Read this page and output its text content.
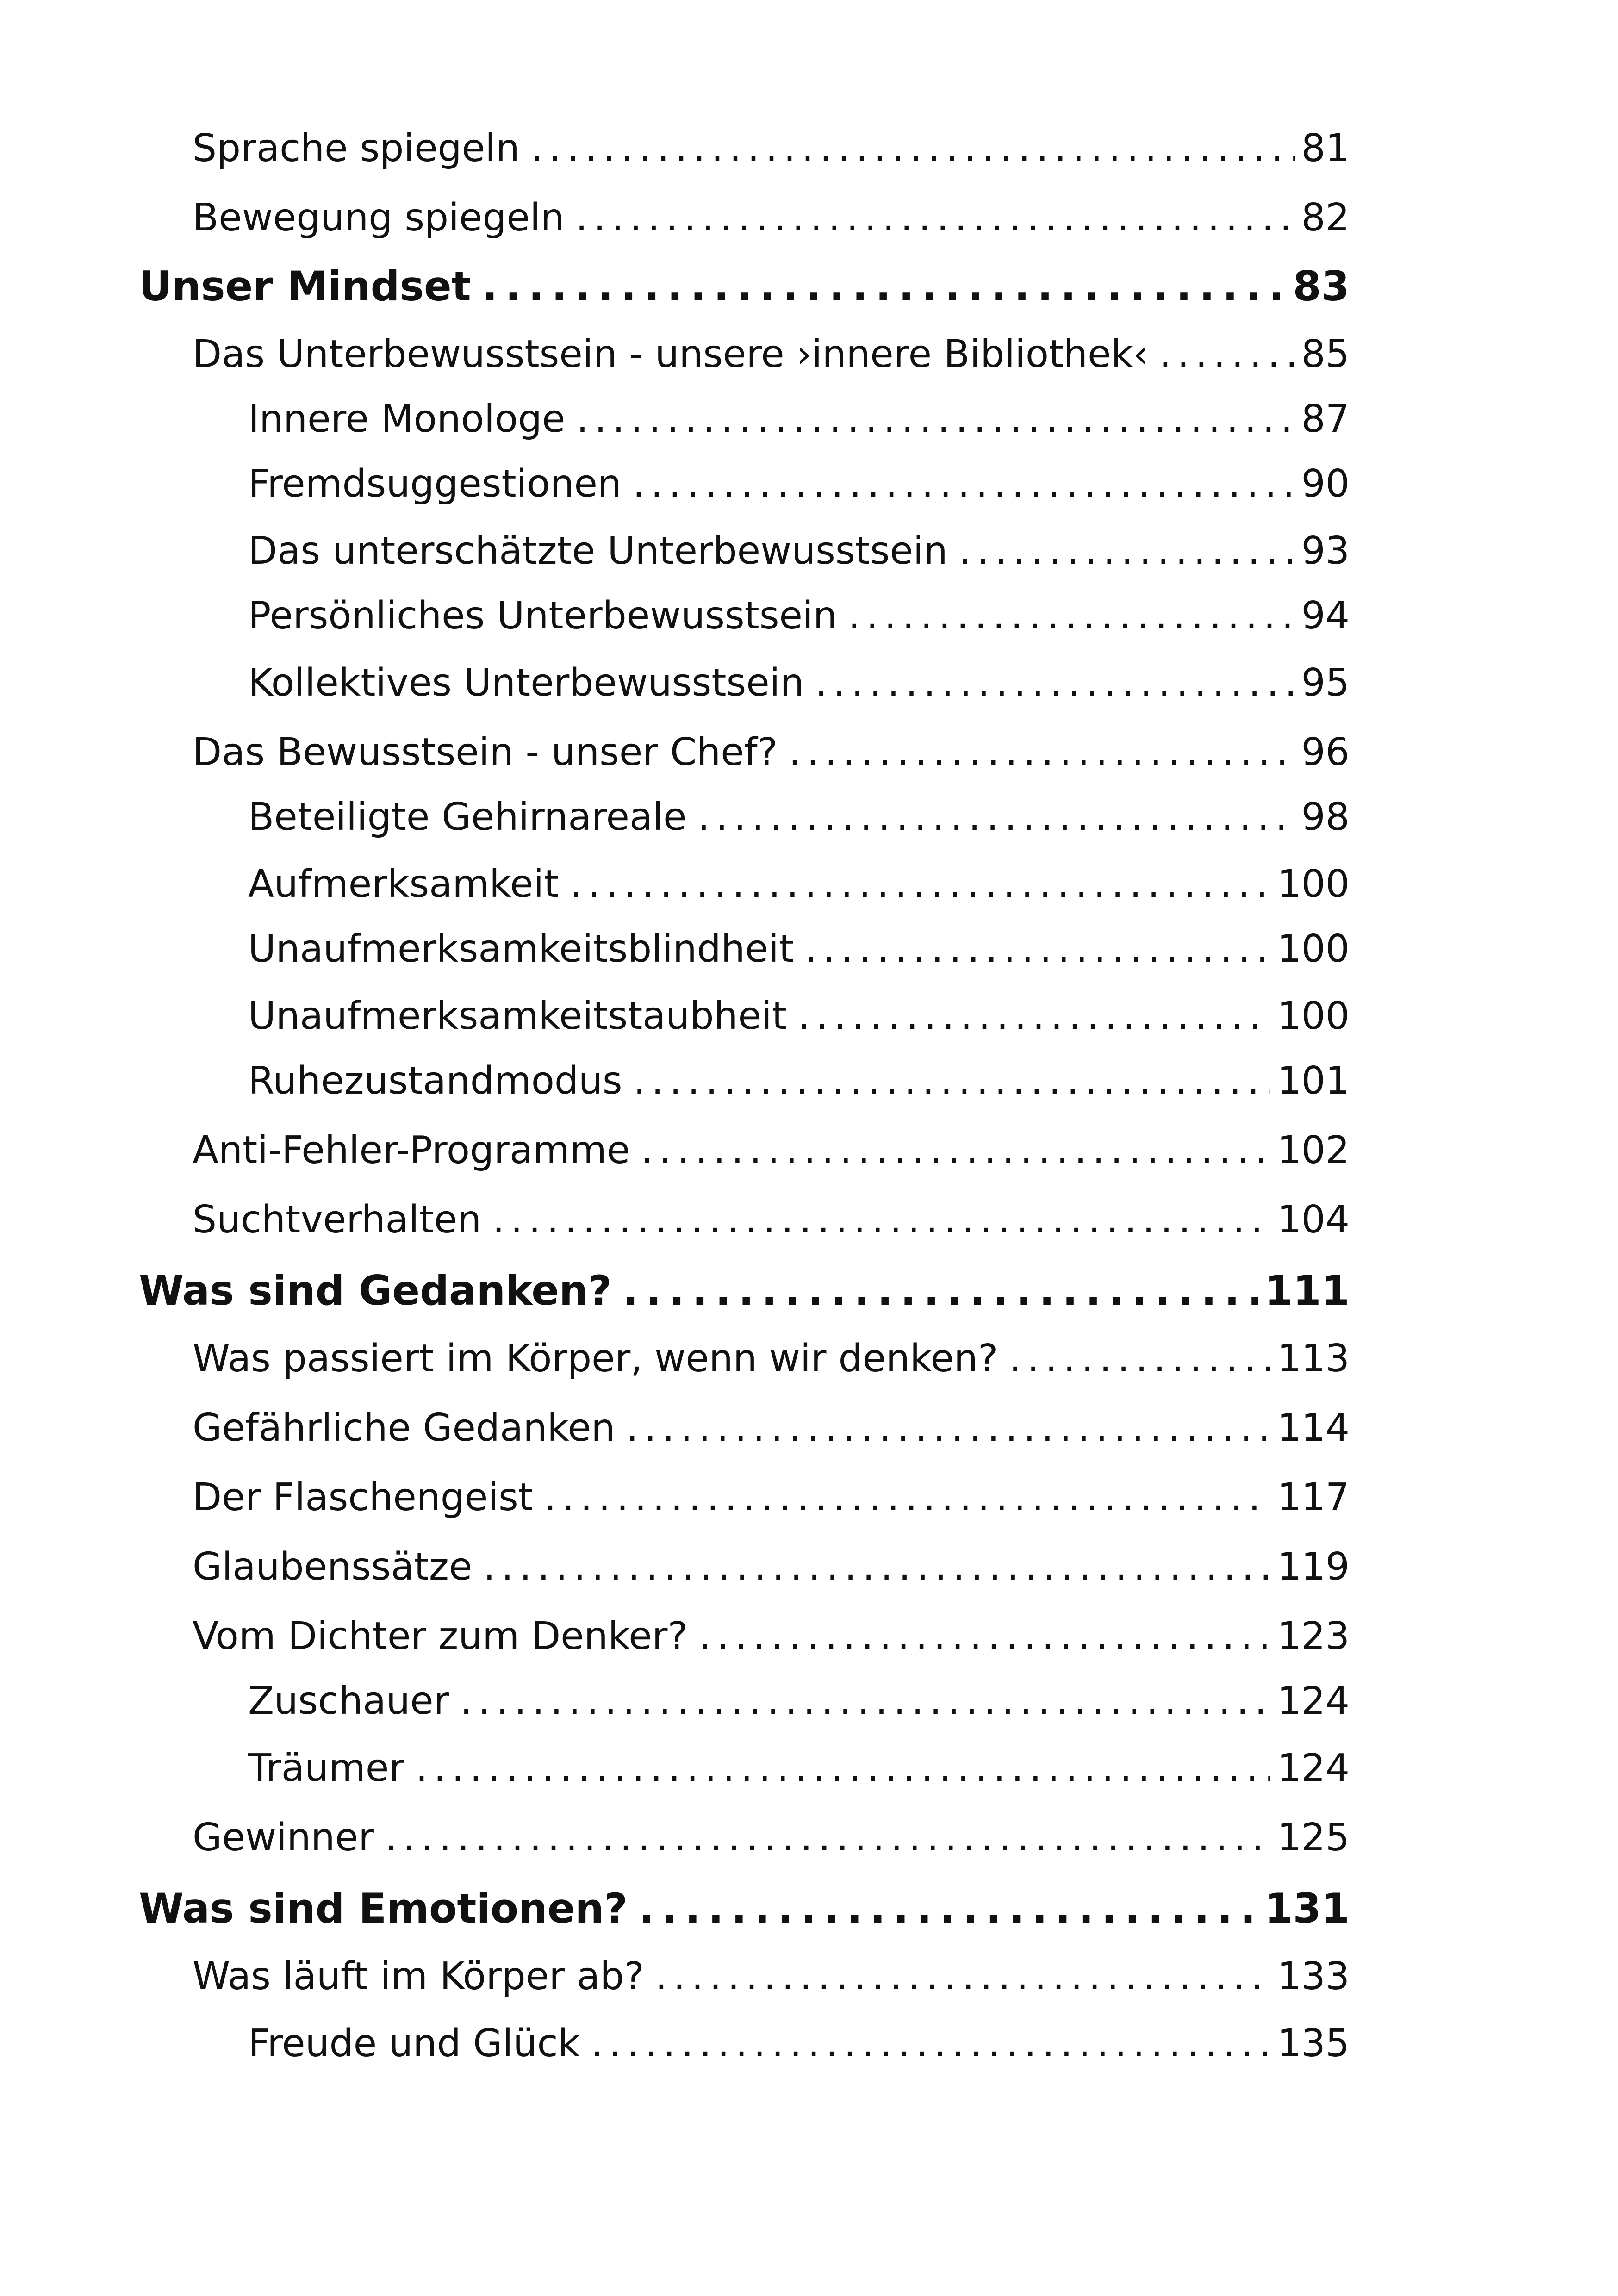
Sprache spiegeln . . .	81
Bewegung spiegeln . . .	82
Unser Mindset . . .	83
Das Unterbewusstsein - unsere ›innere Bibliothek‹ . . .	85
Innere Monologe . . .	87
Fremdsuggestionen . . .	90
Das unterschätzte Unterbewusstsein . . .	93
Persönliches Unterbewusstsein . . .	94
Kollektives Unterbewusstsein . . .	95
Das Bewusstsein - unser Chef? . . .	96
Beteiligte Gehirnareale . . .	98
Aufmerksamkeit . . .	100
Unaufmerksamkeitsblindheit . . .	100
Unaufmerksamkeitstaubheit . . .	100
Ruhezustandmodus . . .	101
Anti-Fehler-Programme . . .	102
Suchtverhalten . . .	104
Was sind Gedanken? . . .	111
Was passiert im Körper, wenn wir denken? . . .	113
Gefährliche Gedanken . . .	114
Der Flaschengeist . . .	117
Glaubenssätze . . .	119
Vom Dichter zum Denker? . . .	123
Zuschauer . . .	124
Träumer . . .	124
Gewinner . . .	125
Was sind Emotionen? . . .	131
Was läuft im Körper ab? . . .	133
Freude und Glück . . .	135
